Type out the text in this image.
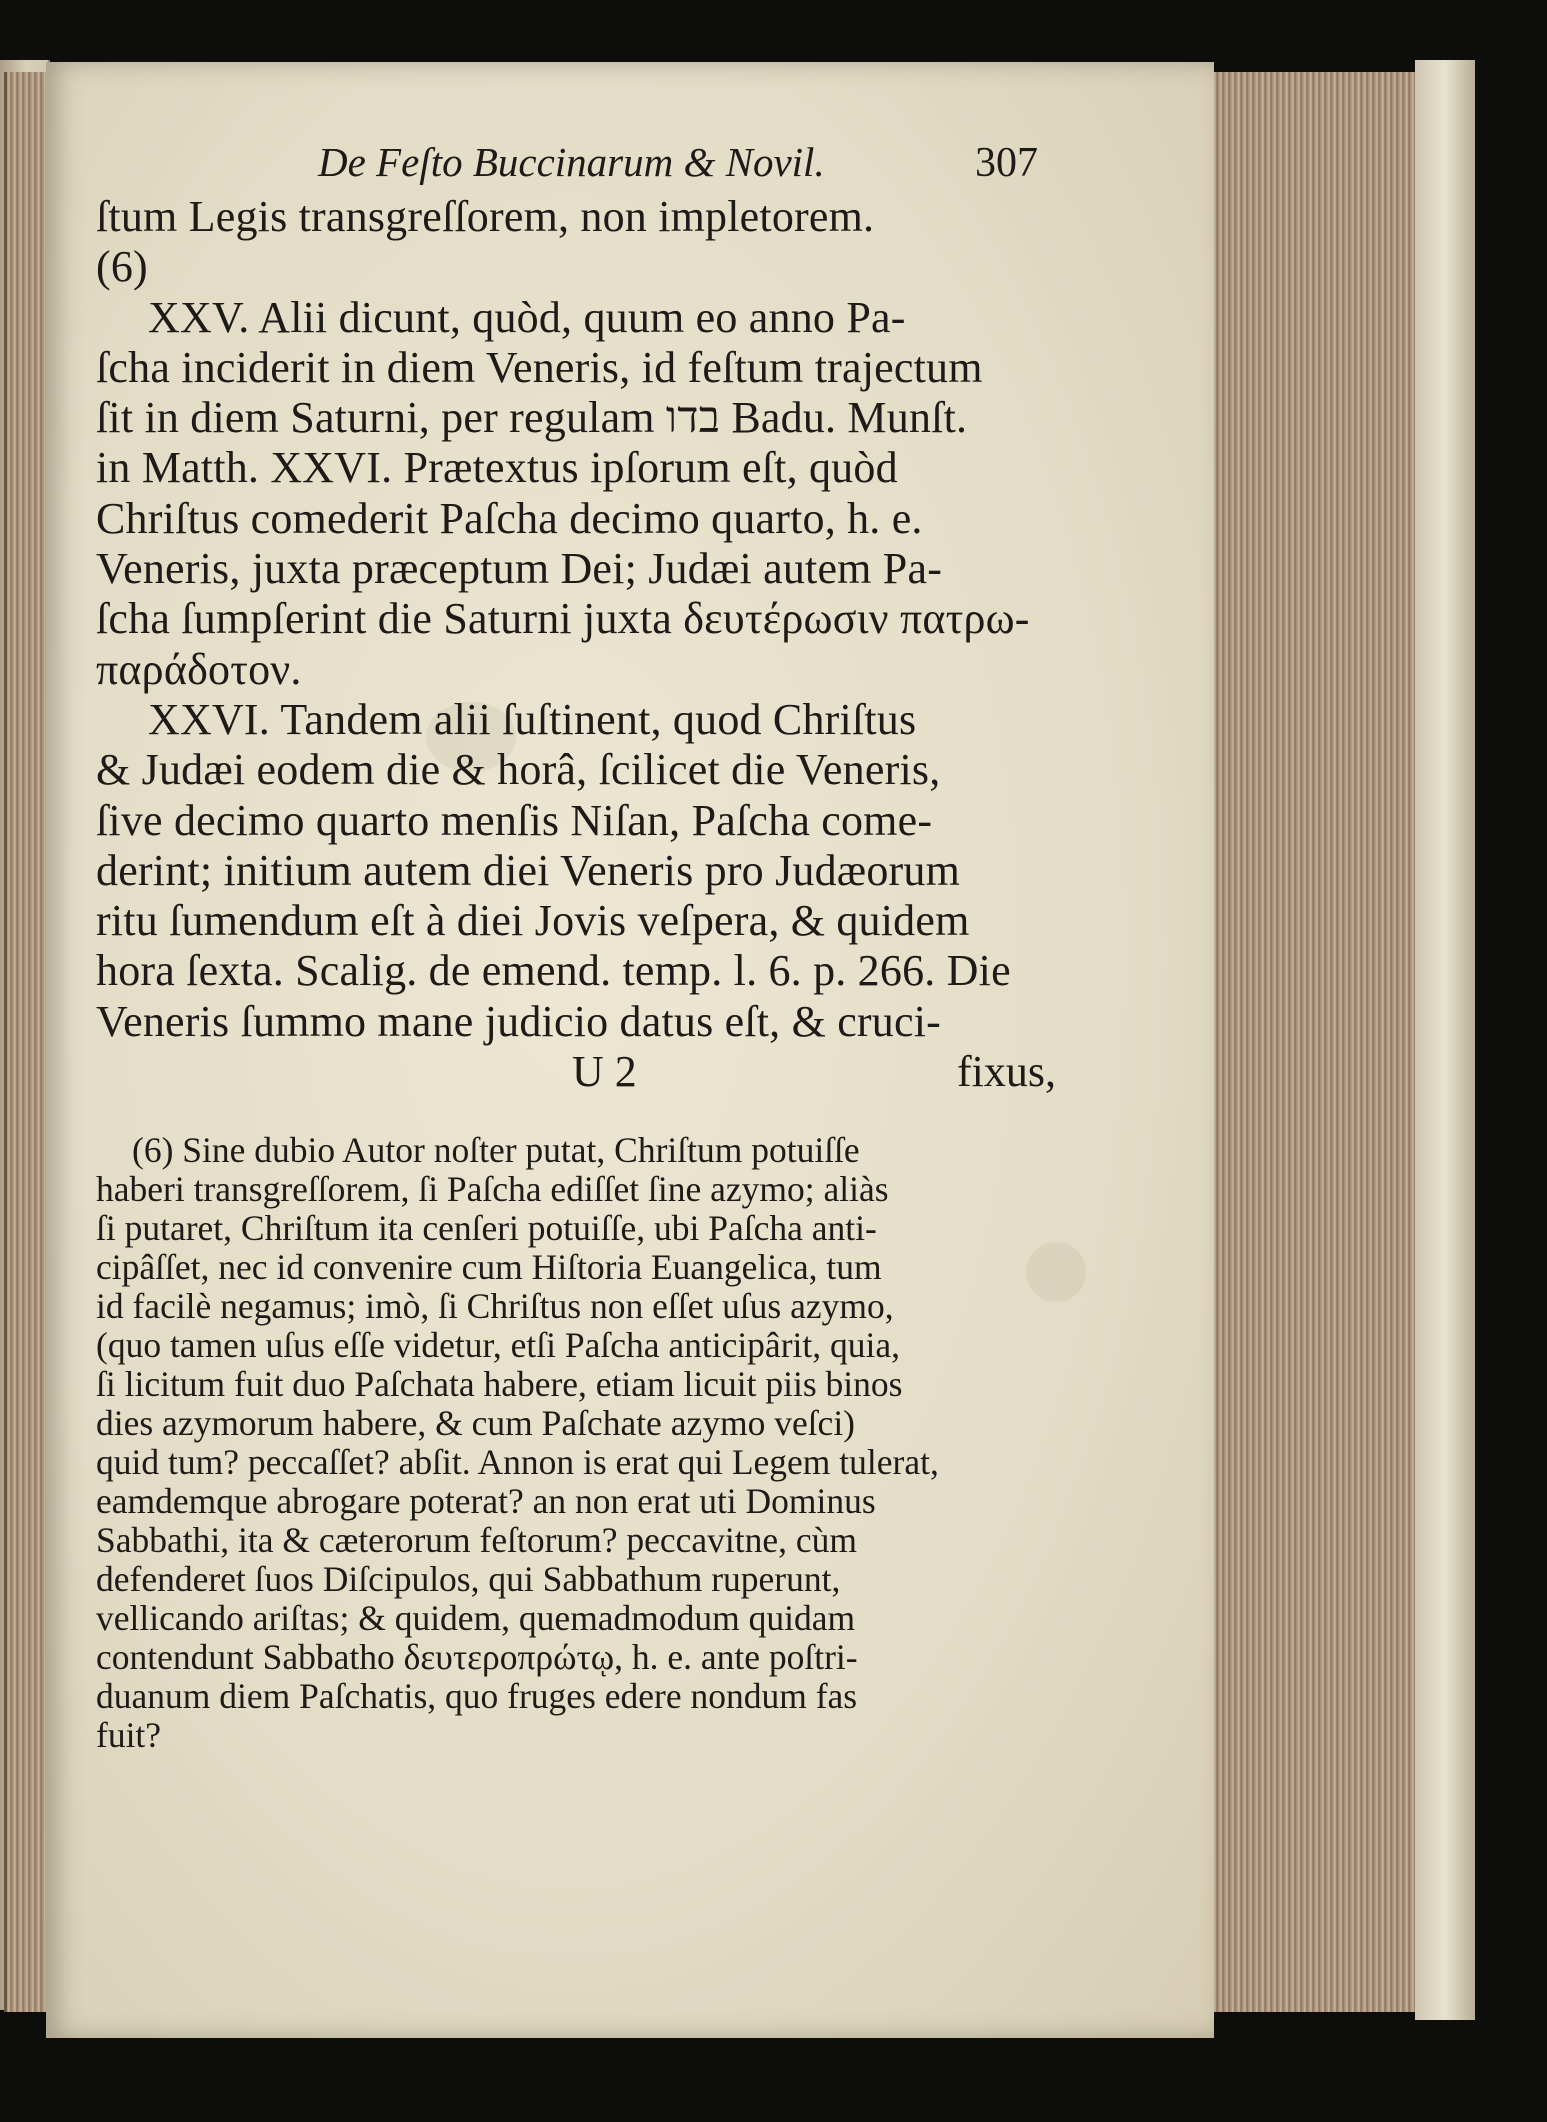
De Feſto Buccinarum & Novil.	307
ſtum Legis transgreſſorem, non impletorem.
(6)
XXV. Alii dicunt, quòd, quum eo anno Pa-
ſcha inciderit in diem Veneris, id feſtum trajectum
ſit in diem Saturni, per regulam בדו Badu. Munſt.
in Matth. XXVI. Prætextus ipſorum eſt, quòd
Chriſtus comederit Paſcha decimo quarto, h. e.
Veneris, juxta præceptum Dei; Judæi autem Pa-
ſcha ſumpſerint die Saturni juxta δευτέρωσιν πατρω-
παράδοτον.
XXVI. Tandem alii ſuſtinent, quod Chriſtus
& Judæi eodem die & horâ, ſcilicet die Veneris,
ſive decimo quarto menſis Niſan, Paſcha come-
derint; initium autem diei Veneris pro Judæorum
ritu ſumendum eſt à diei Jovis veſpera, & quidem
hora ſexta. Scalig. de emend. temp. l. 6. p. 266. Die
Veneris ſummo mane judicio datus eſt, & cruci-
U 2	fixus,
(6) Sine dubio Autor noſter putat, Chriſtum potuiſſe
haberi transgreſſorem, ſi Paſcha ediſſet ſine azymo; aliàs
ſi putaret, Chriſtum ita cenſeri potuiſſe, ubi Paſcha anti-
cipâſſet, nec id convenire cum Hiſtoria Euangelica, tum
id facilè negamus; imò, ſi Chriſtus non eſſet uſus azymo,
(quo tamen uſus eſſe videtur, etſi Paſcha anticipârit, quia,
ſi licitum fuit duo Paſchata habere, etiam licuit piis binos
dies azymorum habere, & cum Paſchate azymo veſci)
quid tum? peccaſſet? abſit. Annon is erat qui Legem tulerat,
eamdemque abrogare poterat? an non erat uti Dominus
Sabbathi, ita & cæterorum feſtorum? peccavitne, cùm
defenderet ſuos Diſcipulos, qui Sabbathum ruperunt,
vellicando ariſtas; & quidem, quemadmodum quidam
contendunt Sabbatho δευτεροπρώτῳ, h. e. ante poſtri-
duanum diem Paſchatis, quo fruges edere nondum fas
fuit?
